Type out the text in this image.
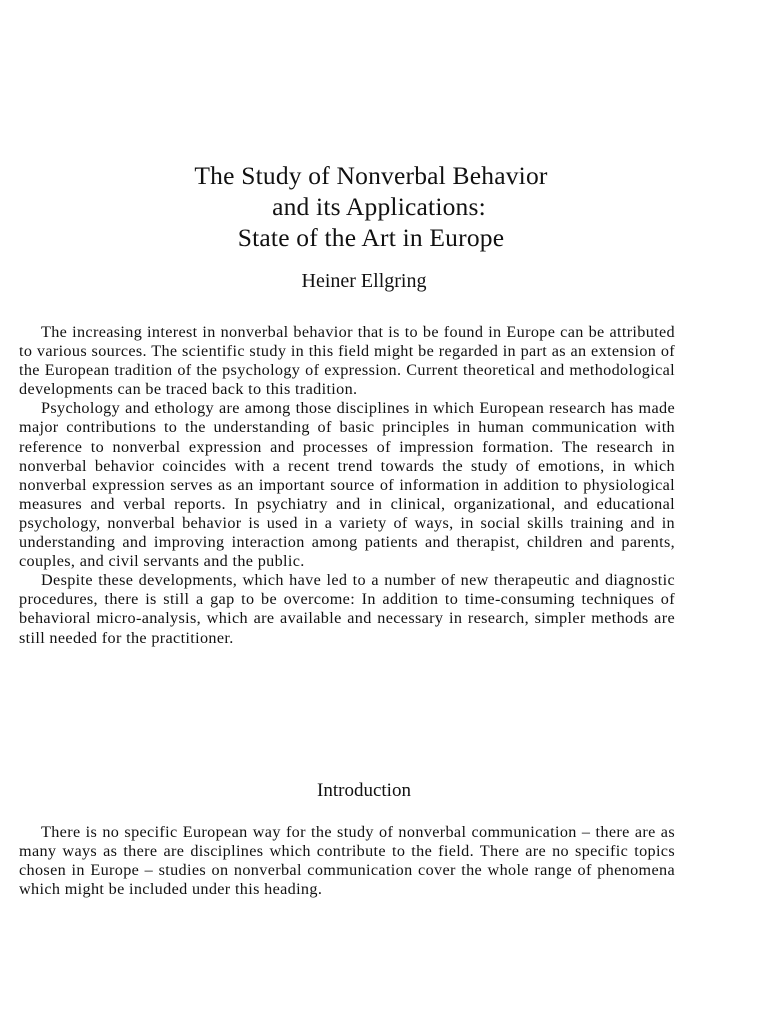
The Study of Nonverbal Behavior
and its Applications:
State of the Art in Europe
Heiner Ellgring

The increasing interest in nonverbal behavior that is to be found in Europe can be attributed to various sources. The scientific study in this field might be regarded in part as an extension of the European tradition of the psychology of expression. Current theoretical and methodological developments can be traced back to this tradition.

Psychology and ethology are among those disciplines in which European research has made major contributions to the understanding of basic principles in human communication with reference to nonverbal expression and processes of impression formation. The research in nonverbal behavior coincides with a recent trend towards the study of emotions, in which nonverbal expression serves as an important source of information in addition to physiological measures and verbal reports. In psychiatry and in clinical, organizational, and educational psychology, nonverbal behavior is used in a variety of ways, in social skills training and in understanding and improving interaction among patients and therapist, children and parents, couples, and civil servants and the public.

Despite these developments, which have led to a number of new therapeutic and diagnostic procedures, there is still a gap to be overcome: In addition to time-consuming techniques of behavioral micro-analysis, which are available and necessary in research, simpler methods are still needed for the practitioner.

Introduction

There is no specific European way for the study of nonverbal communication – there are as many ways as there are disciplines which contribute to the field. There are no specific topics chosen in Europe – studies on nonverbal communication cover the whole range of phenomena which might be included under this heading.
